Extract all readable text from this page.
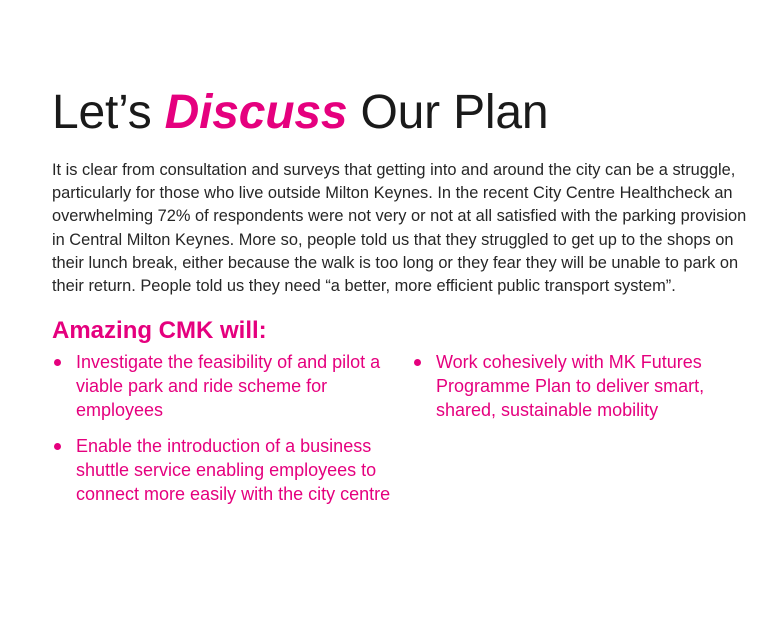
Let’s Discuss Our Plan

It is clear from consultation and surveys that getting into and around the city can be a struggle, particularly for those who live outside Milton Keynes. In the recent City Centre Healthcheck an overwhelming 72% of respondents were not very or not at all satisfied with the parking provision in Central Milton Keynes. More so, people told us that they struggled to get up to the shops on their lunch break, either because the walk is too long or they fear they will be unable to park on their return. People told us they need “a better, more efficient public transport system”.

Amazing CMK will:
Investigate the feasibility of and pilot a viable park and ride scheme for employees
Enable the introduction of a business shuttle service enabling employees to connect more easily with the city centre
Work cohesively with MK Futures Programme Plan to deliver smart, shared, sustainable mobility
